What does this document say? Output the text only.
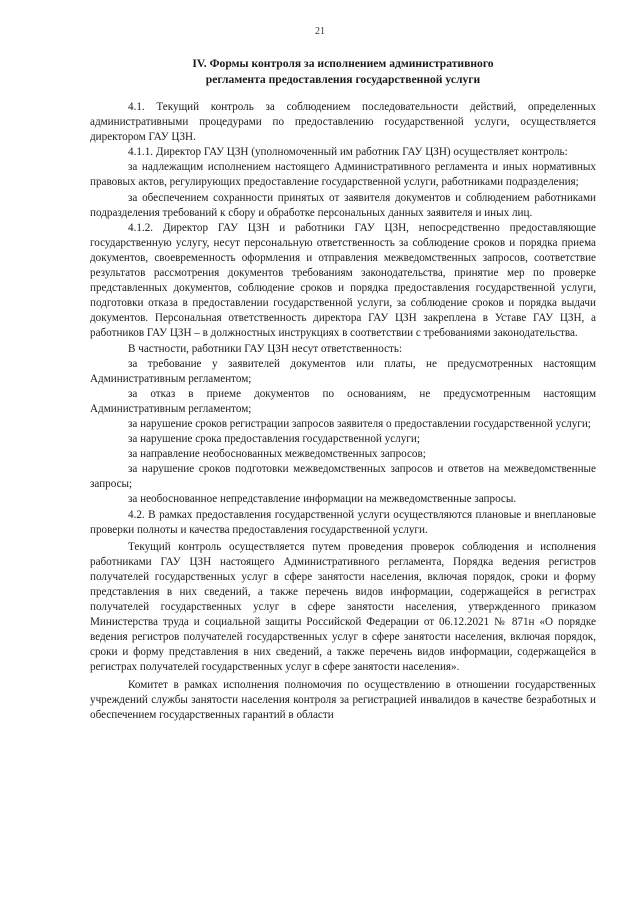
21
IV. Формы контроля за исполнением административного
регламента предоставления государственной услуги

4.1. Текущий контроль за соблюдением последовательности действий, определенных административными процедурами по предоставлению государственной услуги, осуществляется директором ГАУ ЦЗН.

4.1.1. Директор ГАУ ЦЗН (уполномоченный им работник ГАУ ЦЗН) осуществляет контроль:

за надлежащим исполнением настоящего Административного регламента и иных нормативных правовых актов, регулирующих предоставление государственной услуги, работниками подразделения;

за обеспечением сохранности принятых от заявителя документов и соблюдением работниками подразделения требований к сбору и обработке персональных данных заявителя и иных лиц.

4.1.2. Директор ГАУ ЦЗН и работники ГАУ ЦЗН, непосредственно предоставляющие государственную услугу, несут персональную ответственность за соблюдение сроков и порядка приема документов, своевременность оформления и отправления межведомственных запросов, соответствие результатов рассмотрения документов требованиям законодательства, принятие мер по проверке представленных документов, соблюдение сроков и порядка предоставления государственной услуги, подготовки отказа в предоставлении государственной услуги, за соблюдение сроков и порядка выдачи документов. Персональная ответственность директора ГАУ ЦЗН закреплена в Уставе ГАУ ЦЗН, а работников ГАУ ЦЗН – в должностных инструкциях в соответствии с требованиями законодательства.

В частности, работники ГАУ ЦЗН несут ответственность:

за требование у заявителей документов или платы, не предусмотренных настоящим Административным регламентом;

за отказ в приеме документов по основаниям, не предусмотренным настоящим Административным регламентом;

за нарушение сроков регистрации запросов заявителя о предоставлении государственной услуги;

за нарушение срока предоставления государственной услуги;

за направление необоснованных межведомственных запросов;

за нарушение сроков подготовки межведомственных запросов и ответов на межведомственные запросы;

за необоснованное непредставление информации на межведомственные запросы.

4.2. В рамках предоставления государственной услуги осуществляются плановые и внеплановые проверки полноты и качества предоставления государственной услуги.

Текущий контроль осуществляется путем проведения проверок соблюдения и исполнения работниками ГАУ ЦЗН настоящего Административного регламента, Порядка ведения регистров получателей государственных услуг в сфере занятости населения, включая порядок, сроки и форму представления в них сведений, а также перечень видов информации, содержащейся в регистрах получателей государственных услуг в сфере занятости населения, утвержденного приказом Министерства труда и социальной защиты Российской Федерации от 06.12.2021 № 871н «О порядке ведения регистров получателей государственных услуг в сфере занятости населения, включая порядок, сроки и форму представления в них сведений, а также перечень видов информации, содержащейся в регистрах получателей государственных услуг в сфере занятости населения».

Комитет в рамках исполнения полномочия по осуществлению в отношении государственных учреждений службы занятости населения контроля за регистрацией инвалидов в качестве безработных и обеспечением государственных гарантий в области
